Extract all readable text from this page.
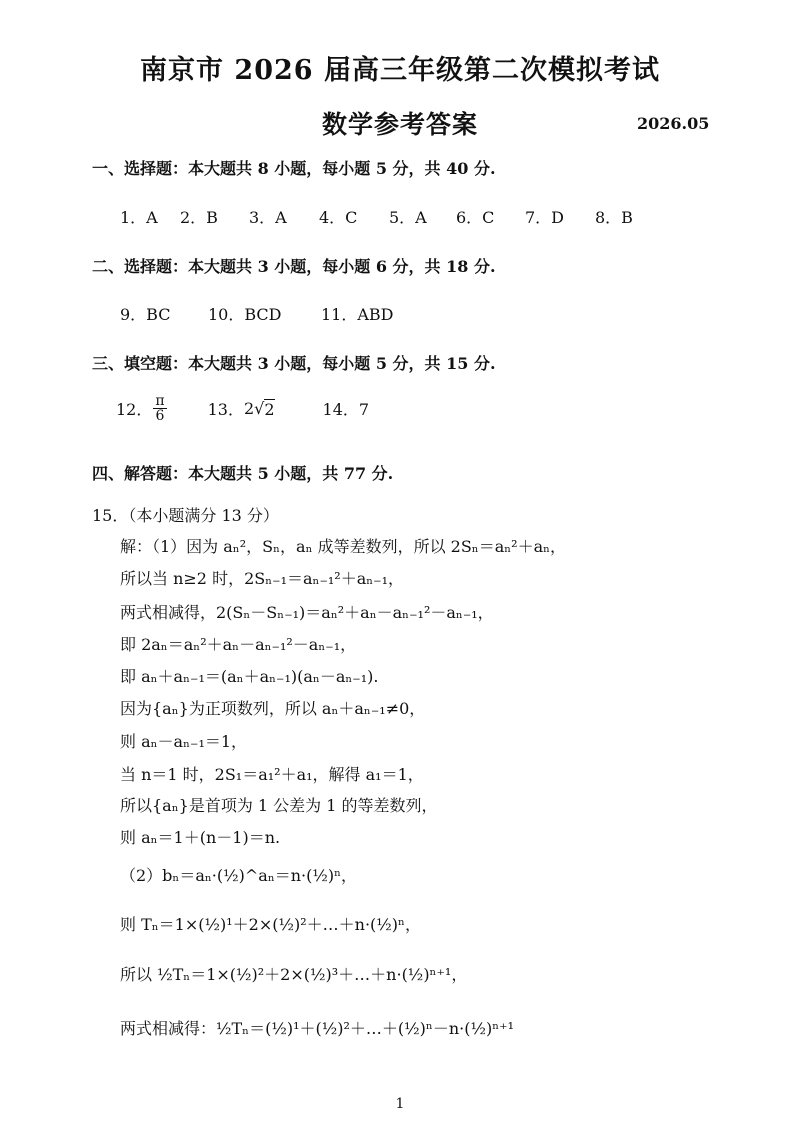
南京市 2026 届高三年级第二次模拟考试
数学参考答案	2026.05
一、选择题：本大题共 8 小题，每小题 5 分，共 40 分.
1．A	2．B	3．A	4．C	5．A	6．C	7．D	8．B
二、选择题：本大题共 3 小题，每小题 6 分，共 18 分.
9．BC	10．BCD	11．ABD
三、填空题：本大题共 3 小题，每小题 5 分，共 15 分.
12． $\frac{\pi}{6}$	13． 2 √ 2	14．7
四、解答题：本大题共 5 小题，共 77 分.
15．（本小题满分 13 分）
解：（1）因为 aₙ²，Sₙ，aₙ 成等差数列，所以 2Sₙ＝aₙ²＋aₙ，
所以当 n≥2 时，2Sₙ₋₁＝aₙ₋₁²＋aₙ₋₁，
两式相减得，2(Sₙ－Sₙ₋₁)＝aₙ²＋aₙ－aₙ₋₁²－aₙ₋₁，
即 2aₙ＝aₙ²＋aₙ－aₙ₋₁²－aₙ₋₁，
即 aₙ＋aₙ₋₁＝(aₙ＋aₙ₋₁)(aₙ－aₙ₋₁).
因为{aₙ}为正项数列，所以 aₙ＋aₙ₋₁≠0，
则 aₙ－aₙ₋₁＝1，
当 n＝1 时，2S₁＝a₁²＋a₁，解得 a₁＝1，
所以{aₙ}是首项为 1 公差为 1 的等差数列，
则 aₙ＝1＋(n－1)＝n.
（2）bₙ＝aₙ·(½)^aₙ＝n·(½)ⁿ，
则 Tₙ＝1×(½)¹＋2×(½)²＋…＋n·(½)ⁿ，
所以 ½Tₙ＝1×(½)²＋2×(½)³＋…＋n·(½)ⁿ⁺¹，
两式相减得：½Tₙ＝(½)¹＋(½)²＋…＋(½)ⁿ－n·(½)ⁿ⁺¹
1
